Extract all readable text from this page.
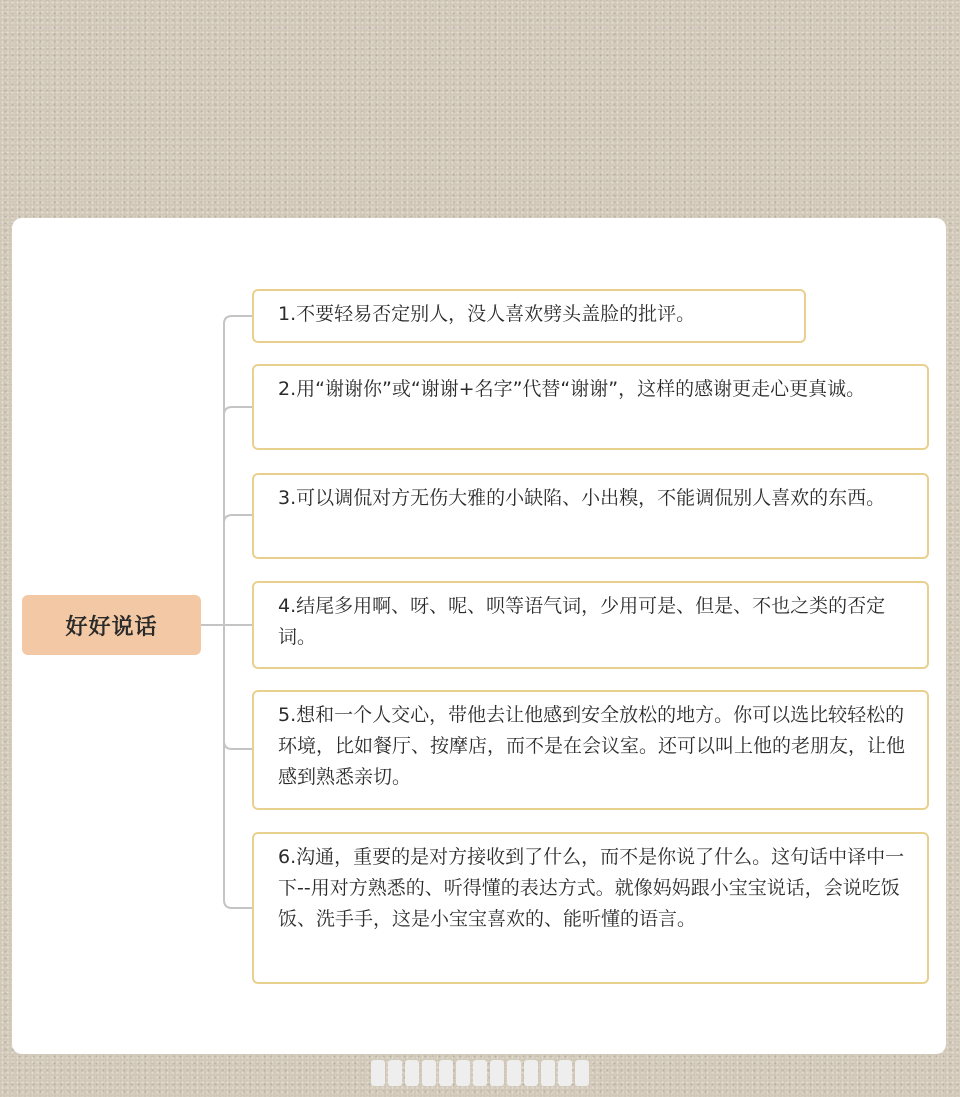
好好说话
1.不要轻易否定别人，没人喜欢劈头盖脸的批评。
2.用“谢谢你”或“谢谢+名字”代替“谢谢”，这样的感谢更走心更真诚。
3.可以调侃对方无伤大雅的小缺陷、小出糗，不能调侃别人喜欢的东西。
4.结尾多用啊、呀、呢、呗等语气词，少用可是、但是、不也之类的否定词。
5.想和一个人交心，带他去让他感到安全放松的地方。你可以选比较轻松的环境，比如餐厅、按摩店，而不是在会议室。还可以叫上他的老朋友，让他感到熟悉亲切。
6.沟通，重要的是对方接收到了什么，而不是你说了什么。这句话中译中一下--用对方熟悉的、听得懂的表达方式。就像妈妈跟小宝宝说话，会说吃饭饭、洗手手，这是小宝宝喜欢的、能听懂的语言。
